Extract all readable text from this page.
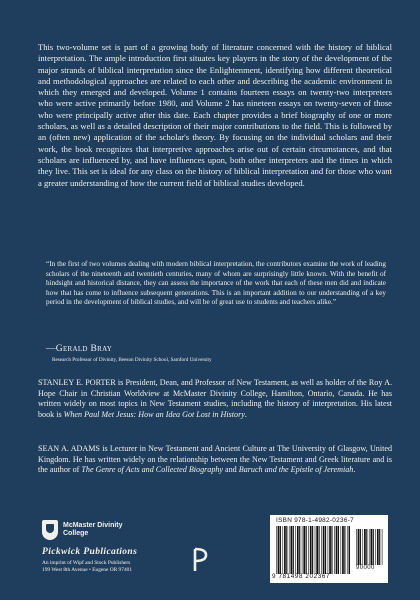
This two-volume set is part of a growing body of literature concerned with the history of biblical interpretation. The ample introduction first situates key players in the story of the development of the major strands of biblical interpretation since the Enlightenment, identifying how different theoretical and methodological approaches are related to each other and describing the academic environment in which they emerged and developed. Volume 1 contains fourteen essays on twenty-two interpreters who were active primarily before 1980, and Volume 2 has nineteen essays on twenty-seven of those who were principally active after this date. Each chapter provides a brief biography of one or more scholars, as well as a detailed description of their major contributions to the field. This is followed by an (often new) application of the scholar's theory. By focusing on the individual scholars and their work, the book recognizes that interpretive approaches arise out of certain circumstances, and that scholars are influenced by, and have influences upon, both other interpreters and the times in which they live. This set is ideal for any class on the history of biblical interpretation and for those who want a greater understanding of how the current field of biblical studies developed.

“In the first of two volumes dealing with modern biblical interpretation, the contributors examine the work of leading scholars of the nineteenth and twentieth centuries, many of whom are surprisingly little known. With the benefit of hindsight and historical distance, they can assess the importance of the work that each of these men did and indicate how that has come to influence subsequent generations. This is an important addition to our understanding of a key period in the development of biblical studies, and will be of great use to students and teachers alike.”

—Gerald Bray
Research Professor of Divinity, Beeson Divinity School, Samford University

STANLEY E. PORTER is President, Dean, and Professor of New Testament, as well as holder of the Roy A. Hope Chair in Christian Worldview at McMaster Divinity College, Hamilton, Ontario, Canada. He has written widely on most topics in New Testament studies, including the history of interpretation. His latest book is When Paul Met Jesus: How an Idea Got Lost in History.

SEAN A. ADAMS is Lecturer in New Testament and Ancient Culture at The University of Glasgow, United Kingdom. He has written widely on the relationship between the New Testament and Greek literature and is the author of The Genre of Acts and Collected Biography and Baruch and the Epistle of Jeremiah.

McMaster Divinity
College
Pickwick Publications
An imprint of Wipf and Stock Publishers
199 West 8th Avenue • Eugene OR 97401
ISBN 978-1-4982-0236-7
9 781498 202367
90000
